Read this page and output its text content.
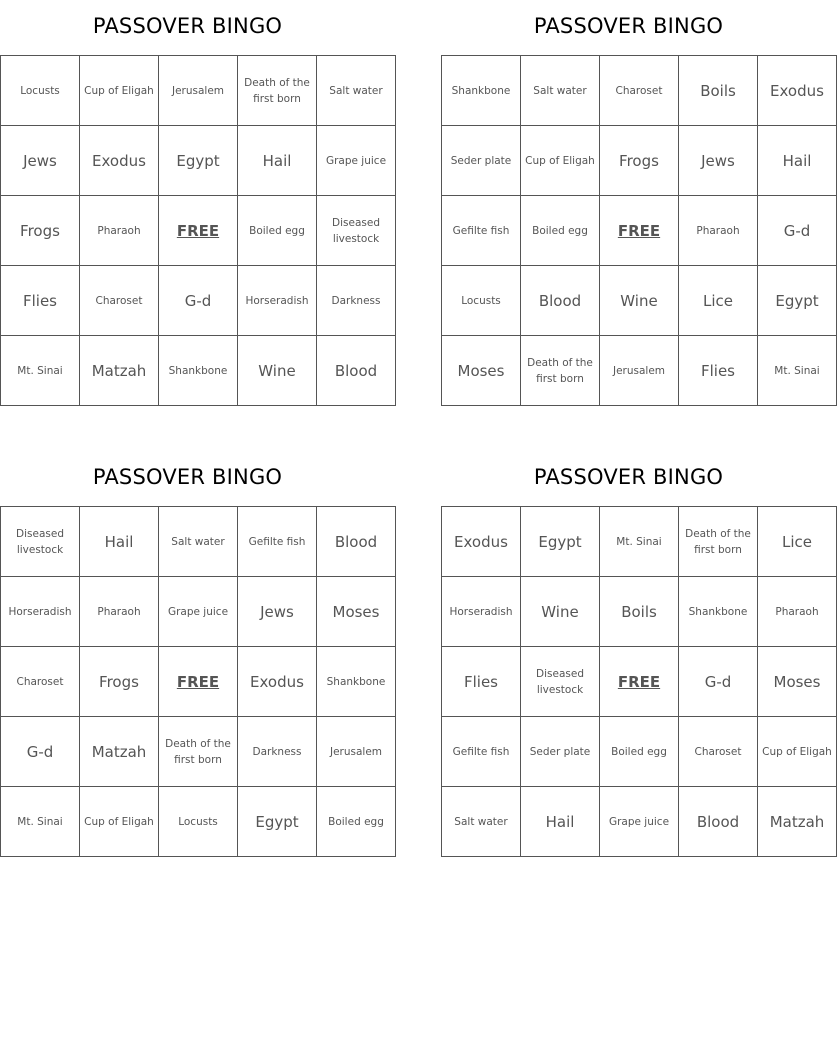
PASSOVER BINGO
Locusts	Cup of Eligah	Jerusalem	Death of the first born	Salt water
Jews	Exodus	Egypt	Hail	Grape juice
Frogs	Pharaoh	FREE	Boiled egg	Diseased livestock
Flies	Charoset	G-d	Horseradish	Darkness
Mt. Sinai	Matzah	Shankbone	Wine	Blood
PASSOVER BINGO
Shankbone	Salt water	Charoset	Boils	Exodus
Seder plate	Cup of Eligah	Frogs	Jews	Hail
Gefilte fish	Boiled egg	FREE	Pharaoh	G-d
Locusts	Blood	Wine	Lice	Egypt
Moses	Death of the first born	Jerusalem	Flies	Mt. Sinai
PASSOVER BINGO
Diseased livestock	Hail	Salt water	Gefilte fish	Blood
Horseradish	Pharaoh	Grape juice	Jews	Moses
Charoset	Frogs	FREE	Exodus	Shankbone
G-d	Matzah	Death of the first born	Darkness	Jerusalem
Mt. Sinai	Cup of Eligah	Locusts	Egypt	Boiled egg
PASSOVER BINGO
Exodus	Egypt	Mt. Sinai	Death of the first born	Lice
Horseradish	Wine	Boils	Shankbone	Pharaoh
Flies	Diseased livestock	FREE	G-d	Moses
Gefilte fish	Seder plate	Boiled egg	Charoset	Cup of Eligah
Salt water	Hail	Grape juice	Blood	Matzah
